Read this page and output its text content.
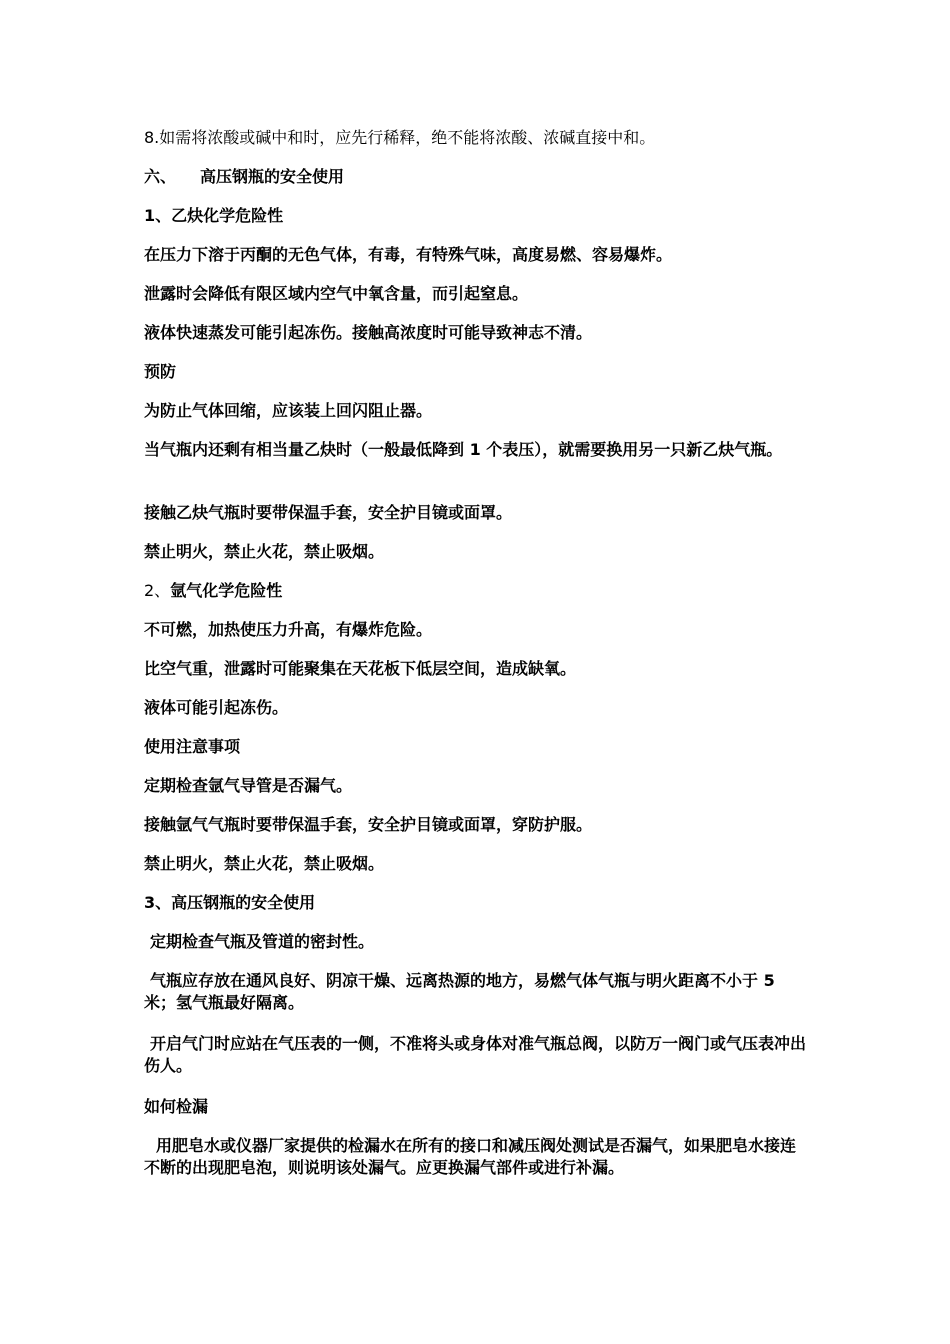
8.如需将浓酸或碱中和时，应先行稀释，绝不能将浓酸、浓碱直接中和。

六、 高压钢瓶的安全使用

1、乙炔化学危险性

在压力下溶于丙酮的无色气体，有毒，有特殊气味，高度易燃、容易爆炸。

泄露时会降低有限区域内空气中氧含量，而引起窒息。

液体快速蒸发可能引起冻伤。接触高浓度时可能导致神志不清。

预防

为防止气体回缩，应该装上回闪阻止器。

当气瓶内还剩有相当量乙炔时（一般最低降到 1 个表压），就需要换用另一只新乙炔气瓶。

接触乙炔气瓶时要带保温手套，安全护目镜或面罩。

禁止明火，禁止火花，禁止吸烟。

2、氩气化学危险性

不可燃，加热使压力升高，有爆炸危险。

比空气重，泄露时可能聚集在天花板下低层空间，造成缺氧。

液体可能引起冻伤。

使用注意事项

定期检查氩气导管是否漏气。

接触氩气气瓶时要带保温手套，安全护目镜或面罩，穿防护服。

禁止明火，禁止火花，禁止吸烟。

3、高压钢瓶的安全使用

定期检查气瓶及管道的密封性。

气瓶应存放在通风良好、阴凉干燥、远离热源的地方，易燃气体气瓶与明火距离不小于 5 米；氢气瓶最好隔离。

开启气门时应站在气压表的一侧，不准将头或身体对准气瓶总阀，以防万一阀门或气压表冲出伤人。

如何检漏

用肥皂水或仪器厂家提供的检漏水在所有的接口和减压阀处测试是否漏气，如果肥皂水接连不断的出现肥皂泡，则说明该处漏气。应更换漏气部件或进行补漏。
